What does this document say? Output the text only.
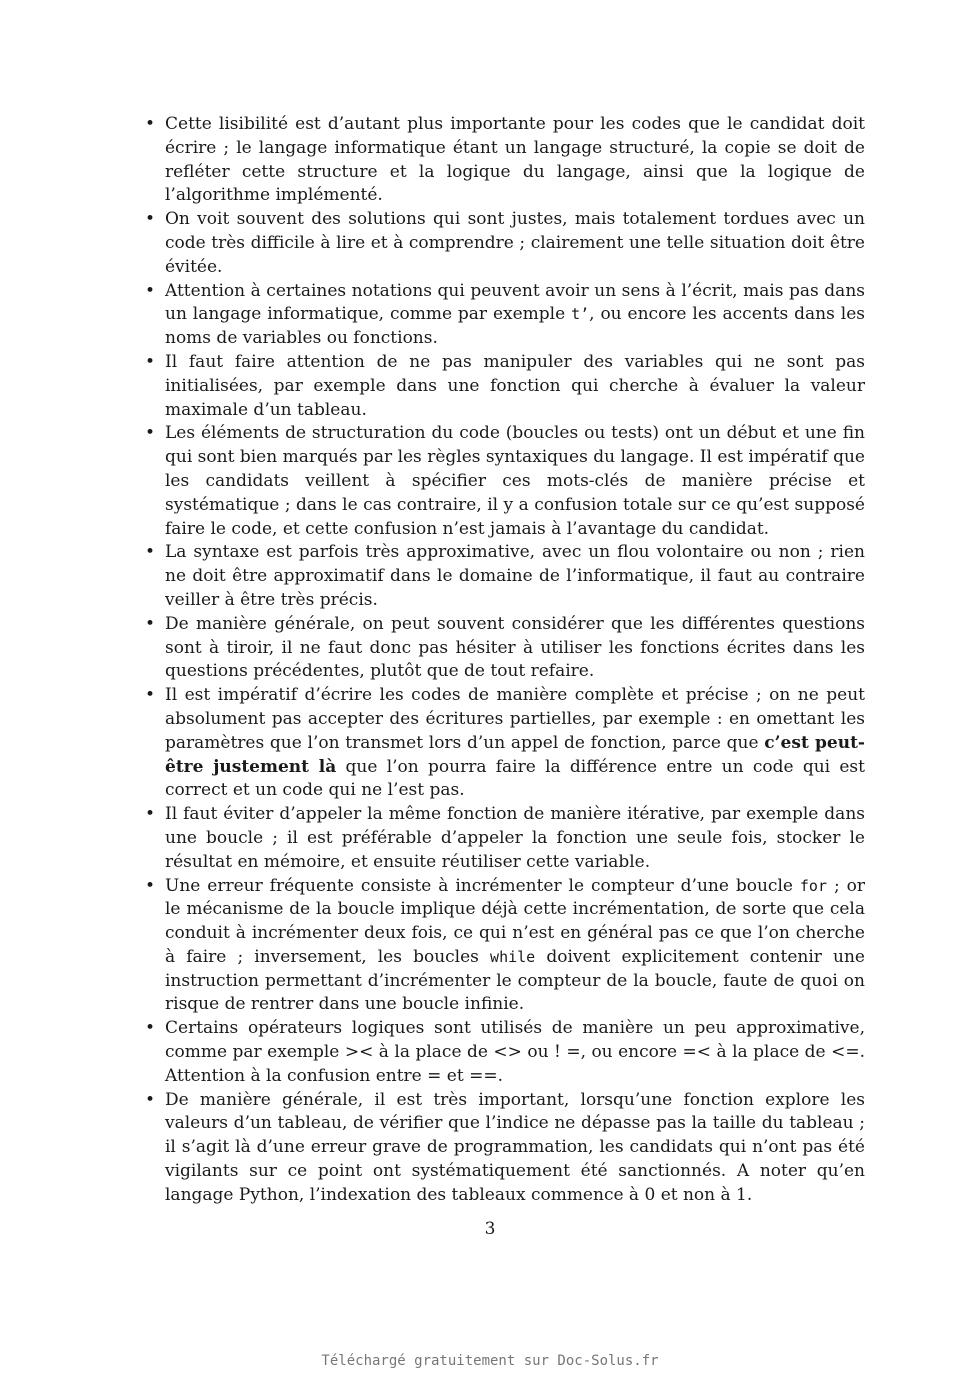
• Cette lisibilité est d’autant plus importante pour les codes que le candidat doit écrire ; le langage informatique étant un langage structuré, la copie se doit de refléter cette structure et la logique du langage, ainsi que la logique de l’algorithme implémenté.
• On voit souvent des solutions qui sont justes, mais totalement tordues avec un code très difficile à lire et à comprendre ; clairement une telle situation doit être évitée.
• Attention à certaines notations qui peuvent avoir un sens à l’écrit, mais pas dans un langage informatique, comme par exemple t’, ou encore les accents dans les noms de variables ou fonctions.
• Il faut faire attention de ne pas manipuler des variables qui ne sont pas initialisées, par exemple dans une fonction qui cherche à évaluer la valeur maximale d’un tableau.
• Les éléments de structuration du code (boucles ou tests) ont un début et une fin qui sont bien marqués par les règles syntaxiques du langage. Il est impératif que les candidats veillent à spécifier ces mots-clés de manière précise et systématique ; dans le cas contraire, il y a confusion totale sur ce qu’est supposé faire le code, et cette confusion n’est jamais à l’avantage du candidat.
• La syntaxe est parfois très approximative, avec un flou volontaire ou non ; rien ne doit être approximatif dans le domaine de l’informatique, il faut au contraire veiller à être très précis.
• De manière générale, on peut souvent considérer que les différentes questions sont à tiroir, il ne faut donc pas hésiter à utiliser les fonctions écrites dans les questions précédentes, plutôt que de tout refaire.
• Il est impératif d’écrire les codes de manière complète et précise ; on ne peut absolument pas accepter des écritures partielles, par exemple : en omettant les paramètres que l’on transmet lors d’un appel de fonction, parce que c’est peut-être justement là que l’on pourra faire la différence entre un code qui est correct et un code qui ne l’est pas.
• Il faut éviter d’appeler la même fonction de manière itérative, par exemple dans une boucle ; il est préférable d’appeler la fonction une seule fois, stocker le résultat en mémoire, et ensuite réutiliser cette variable.
• Une erreur fréquente consiste à incrémenter le compteur d’une boucle for ; or le mécanisme de la boucle implique déjà cette incrémentation, de sorte que cela conduit à incrémenter deux fois, ce qui n’est en général pas ce que l’on cherche à faire ; inversement, les boucles while doivent explicitement contenir une instruction permettant d’incrémenter le compteur de la boucle, faute de quoi on risque de rentrer dans une boucle infinie.
• Certains opérateurs logiques sont utilisés de manière un peu approximative, comme par exemple >< à la place de <> ou ! =, ou encore =< à la place de <=. Attention à la confusion entre = et ==.
• De manière générale, il est très important, lorsqu’une fonction explore les valeurs d’un tableau, de vérifier que l’indice ne dépasse pas la taille du tableau ; il s’agit là d’une erreur grave de programmation, les candidats qui n’ont pas été vigilants sur ce point ont systématiquement été sanctionnés. A noter qu’en langage Python, l’indexation des tableaux commence à 0 et non à 1.
3
Téléchargé gratuitement sur Doc-Solus.fr
